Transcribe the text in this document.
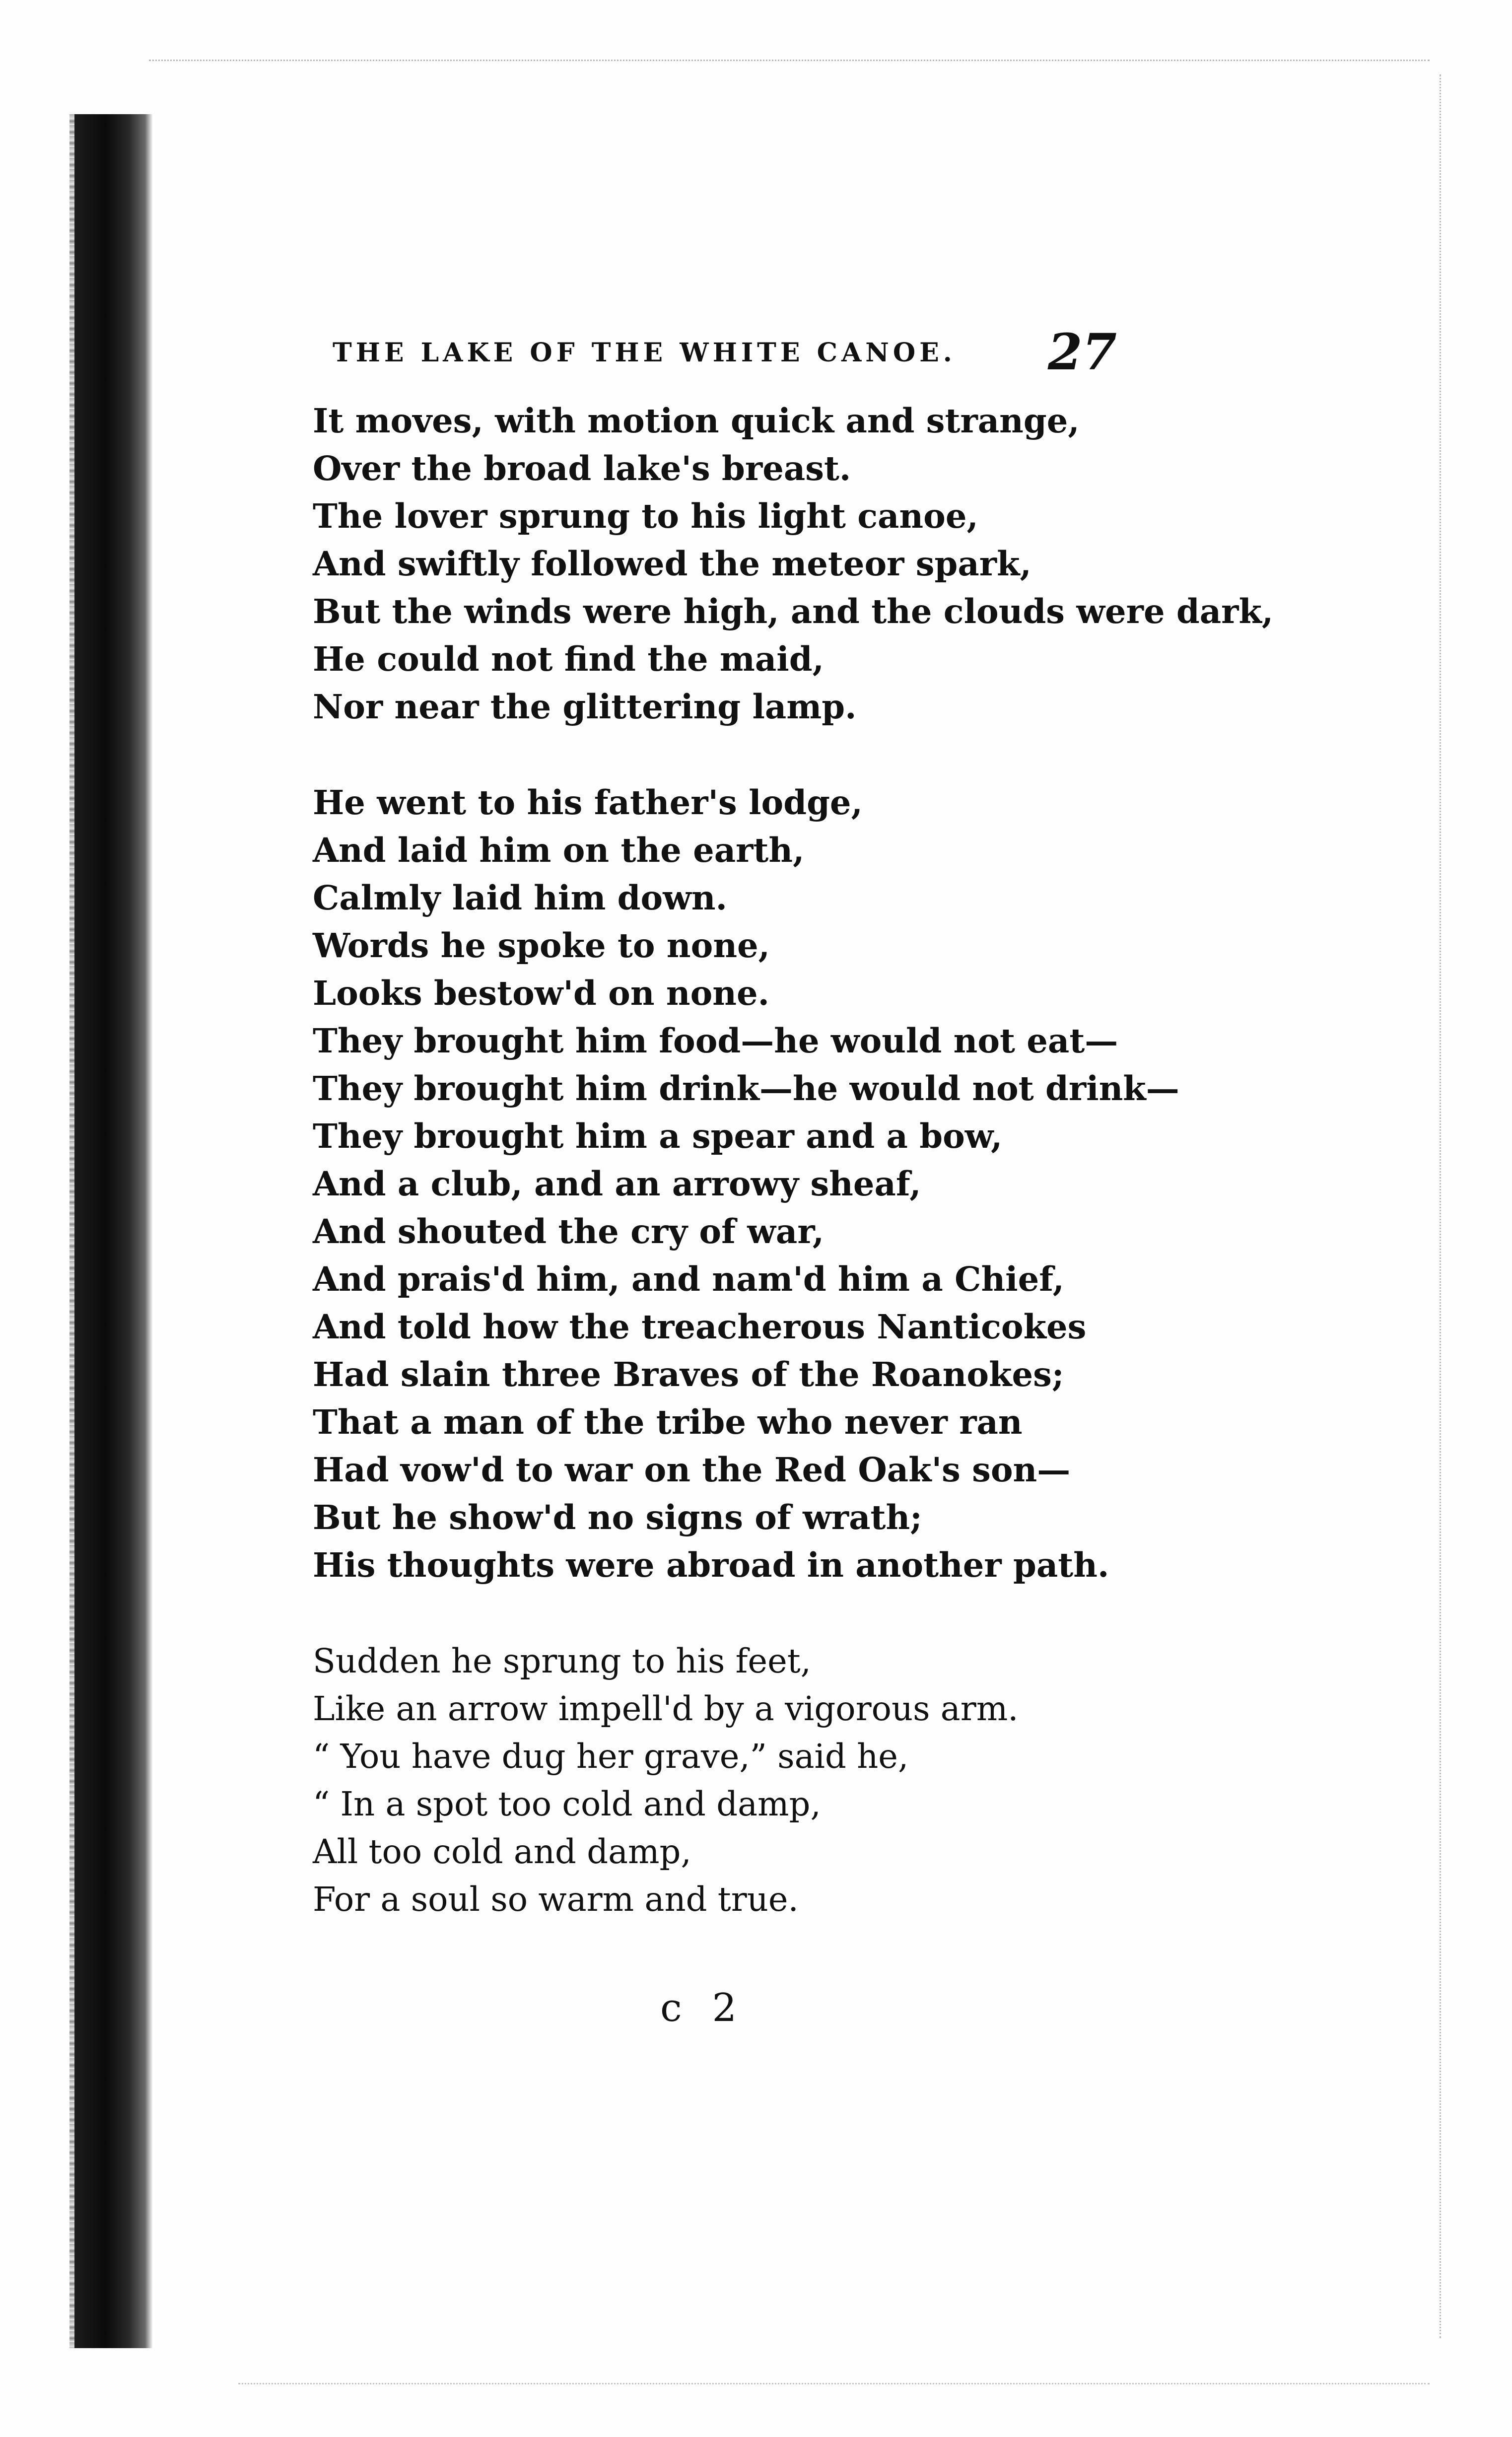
THE LAKE OF THE WHITE CANOE. 27
It moves, with motion quick and strange,
Over the broad lake's breast.
The lover sprung to his light canoe,
And swiftly followed the meteor spark,
But the winds were high, and the clouds were dark,
He could not find the maid,
Nor near the glittering lamp.
He went to his father's lodge,
And laid him on the earth,
Calmly laid him down.
Words he spoke to none,
Looks bestow'd on none.
They brought him food—he would not eat—
They brought him drink—he would not drink—
They brought him a spear and a bow,
And a club, and an arrowy sheaf,
And shouted the cry of war,
And prais'd him, and nam'd him a Chief,
And told how the treacherous Nanticokes
Had slain three Braves of the Roanokes;
That a man of the tribe who never ran
Had vow'd to war on the Red Oak's son—
But he show'd no signs of wrath;
His thoughts were abroad in another path.
Sudden he sprung to his feet,
Like an arrow impell'd by a vigorous arm.
“ You have dug her grave,” said he,
“ In a spot too cold and damp,
All too cold and damp,
For a soul so warm and true.
c 2
